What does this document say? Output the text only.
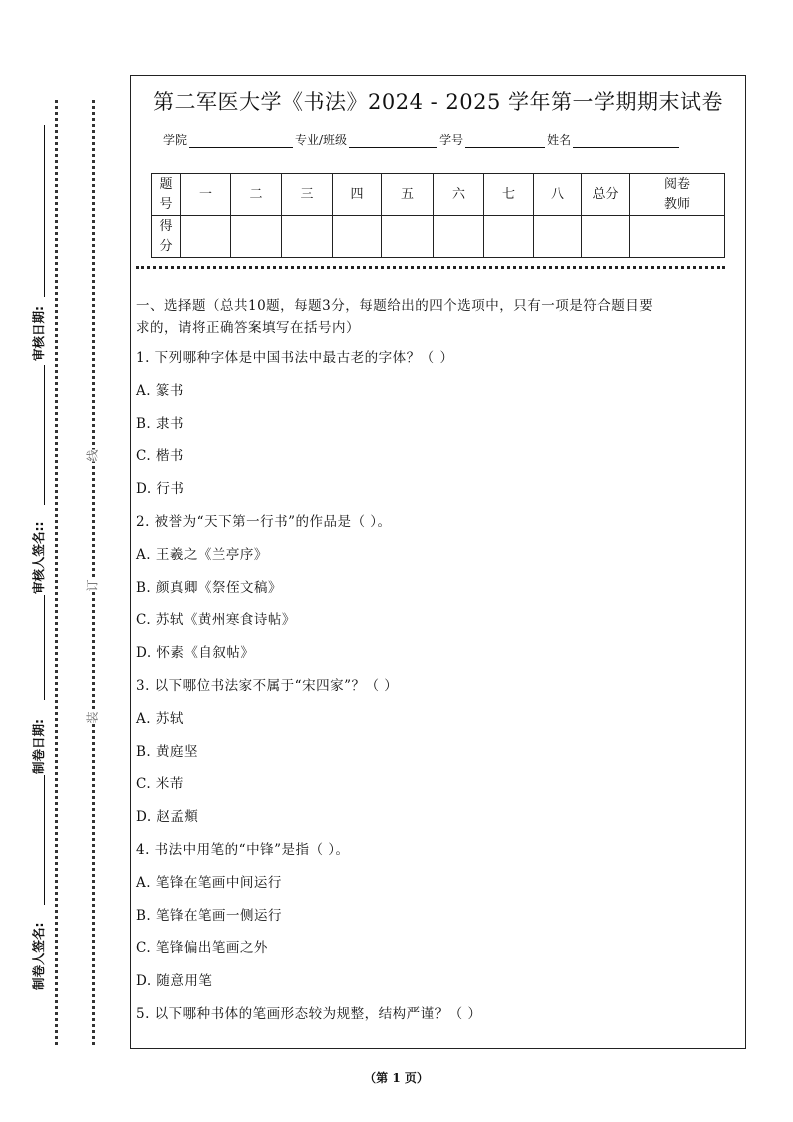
审核日期:
审核人签名::
制卷日期:
制卷人签名:
线
订
装
第二军医大学《书法》2024 - 2025 学年第一学期期末试卷
学院	专业/班级	学号	姓名
题
号	一	二	三	四	五	六	七	八	总分	阅卷
教师
得
分										
一、选择题（总共10题，每题3分，每题给出的四个选项中，只有一项是符合题目要
求的，请将正确答案填写在括号内）
1. 下列哪种字体是中国书法中最古老的字体？（ ）
A. 篆书
B. 隶书
C. 楷书
D. 行书
2. 被誉为“天下第一行书”的作品是（ ）。
A. 王羲之《兰亭序》
B. 颜真卿《祭侄文稿》
C. 苏轼《黄州寒食诗帖》
D. 怀素《自叙帖》
3. 以下哪位书法家不属于“宋四家”？（ ）
A. 苏轼
B. 黄庭坚
C. 米芾
D. 赵孟頫
4. 书法中用笔的“中锋”是指（ ）。
A. 笔锋在笔画中间运行
B. 笔锋在笔画一侧运行
C. 笔锋偏出笔画之外
D. 随意用笔
5. 以下哪种书体的笔画形态较为规整，结构严谨？（ ）
（第 1 页）
